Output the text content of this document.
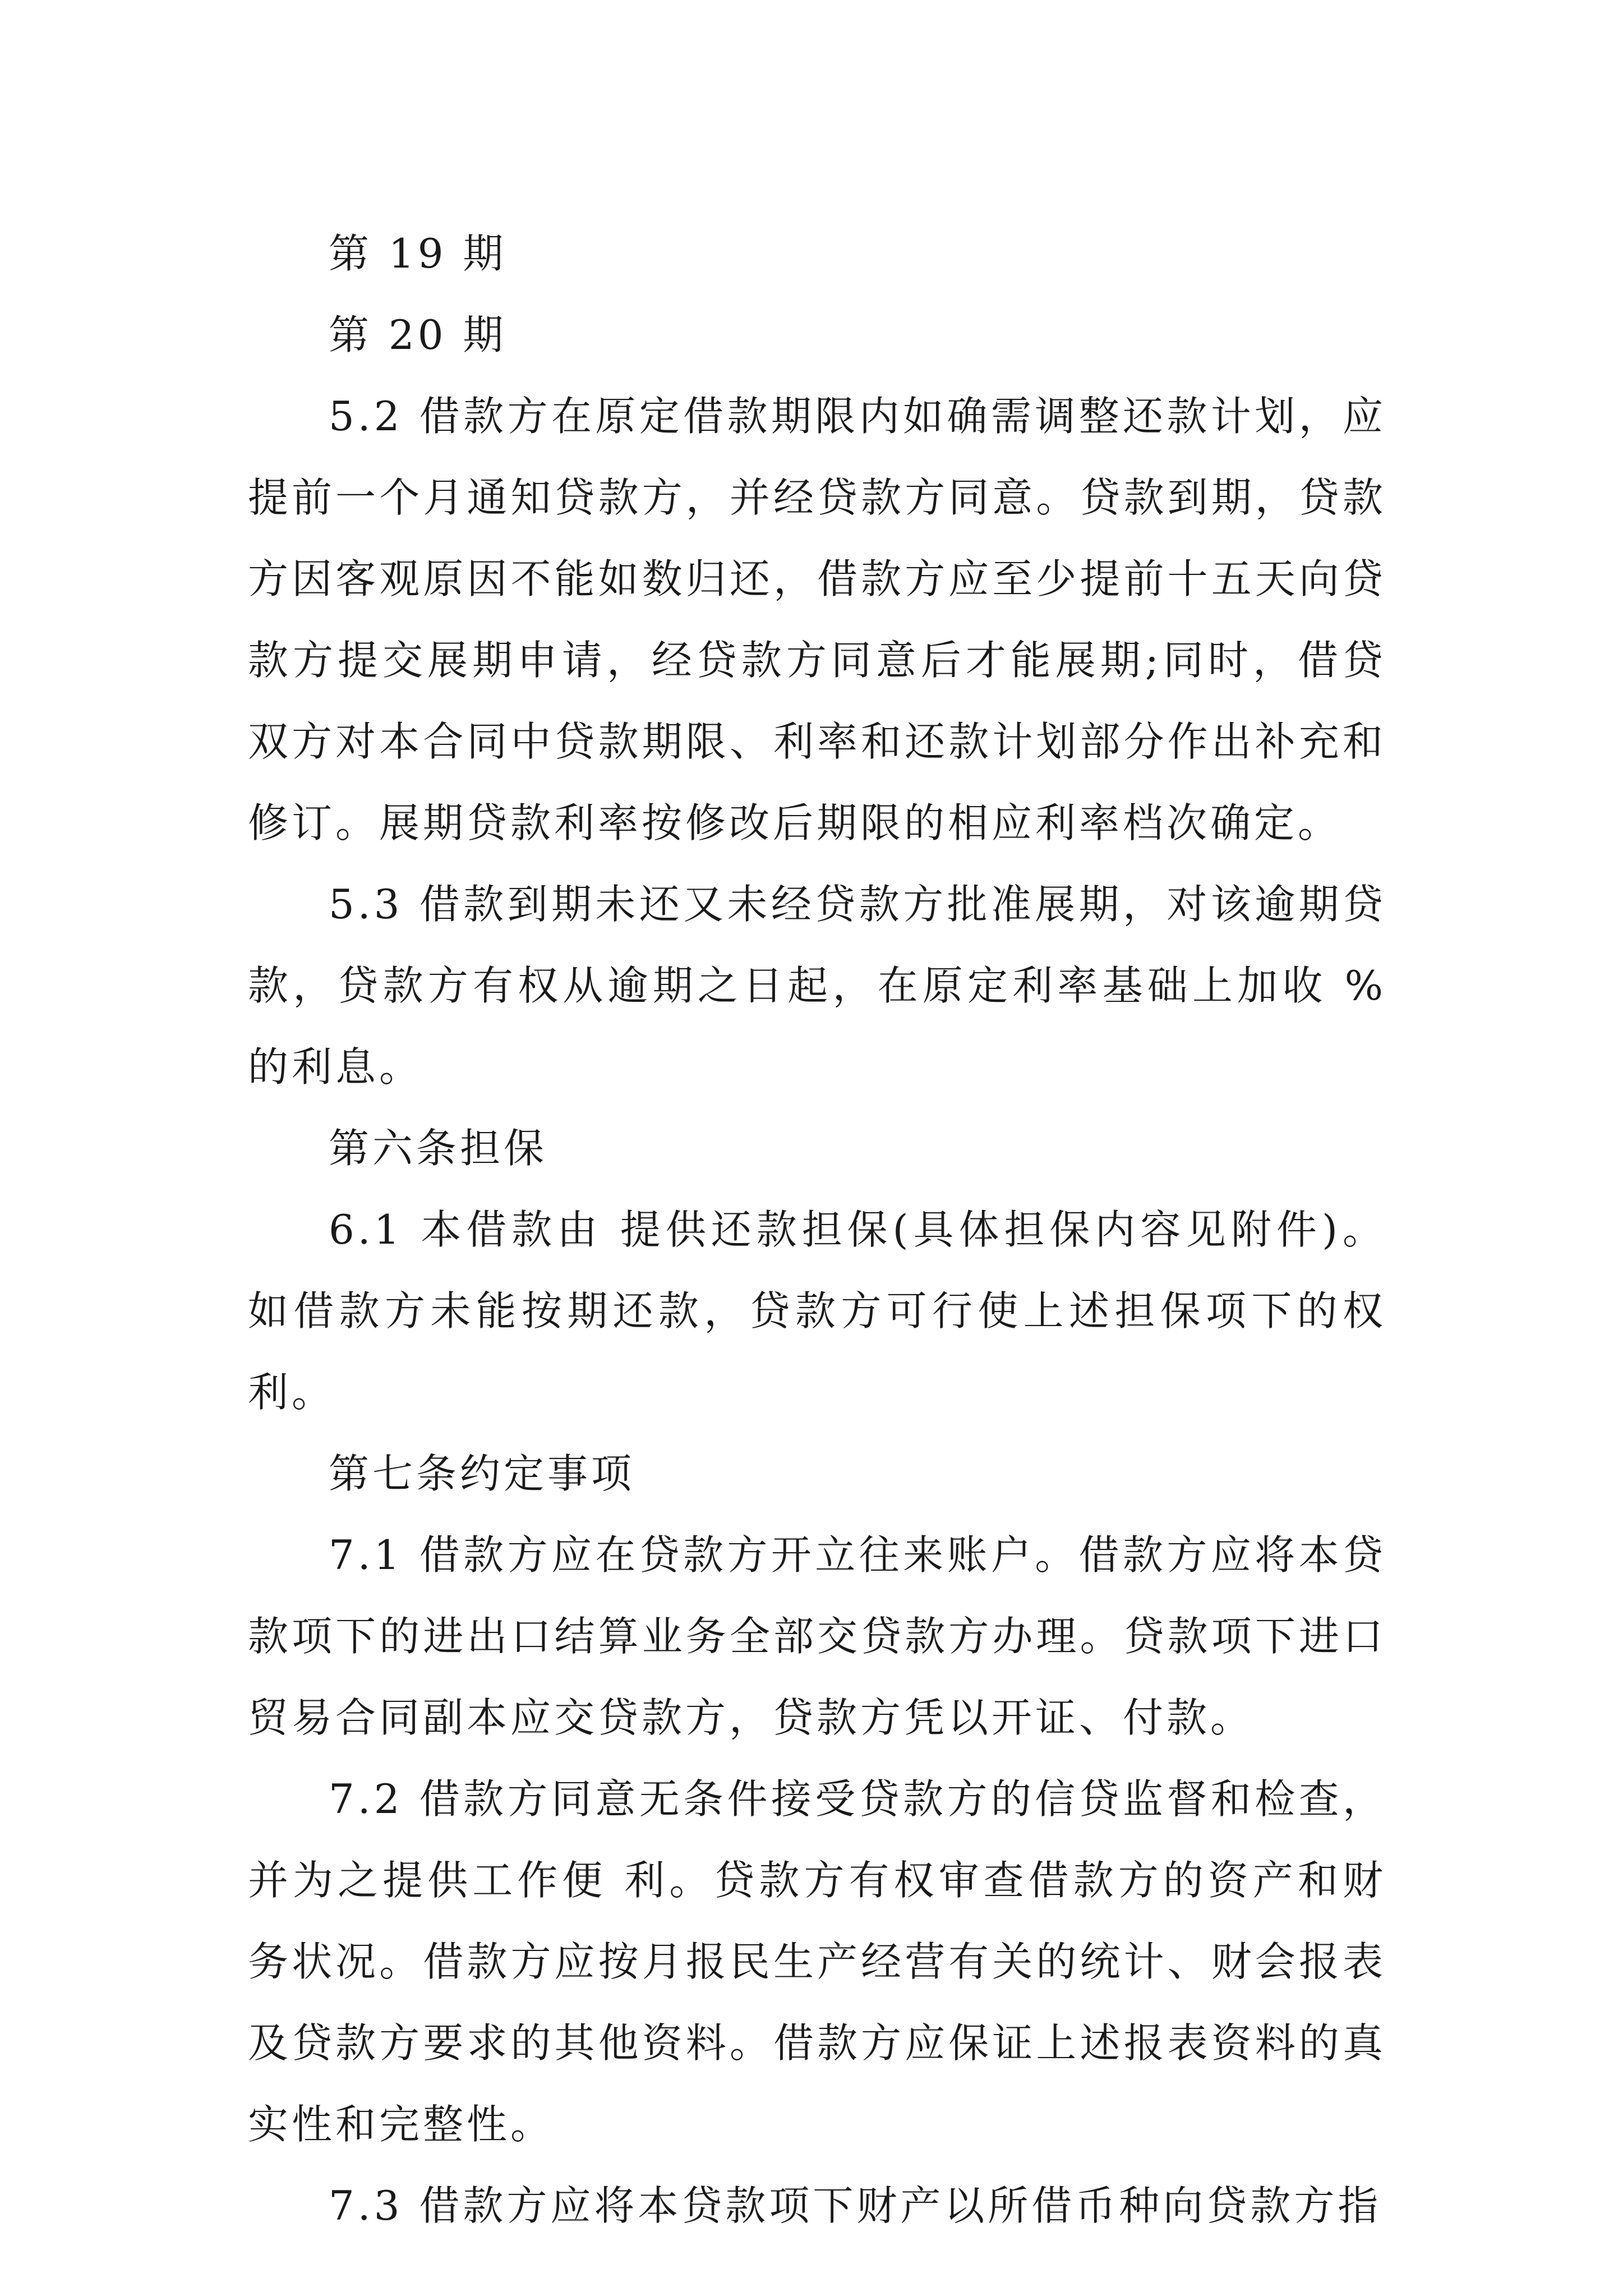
第 19 期

第 20 期

5.2 借款方在原定借款期限内如确需调整还款计划，应提前一个月通知贷款方，并经贷款方同意。贷款到期，贷款方因客观原因不能如数归还，借款方应至少提前十五天向贷款方提交展期申请，经贷款方同意后才能展期;同时，借贷双方对本合同中贷款期限、利率和还款计划部分作出补充和修订。展期贷款利率按修改后期限的相应利率档次确定。

5.3 借款到期未还又未经贷款方批准展期，对该逾期贷款，贷款方有权从逾期之日起，在原定利率基础上加收 %的利息。

第六条担保

6.1 本借款由 提供还款担保(具体担保内容见附件)。如借款方未能按期还款，贷款方可行使上述担保项下的权利。

第七条约定事项

7.1 借款方应在贷款方开立往来账户。借款方应将本贷款项下的进出口结算业务全部交贷款方办理。贷款项下进口贸易合同副本应交贷款方，贷款方凭以开证、付款。

7.2 借款方同意无条件接受贷款方的信贷监督和检查，并为之提供工作便 利。贷款方有权审查借款方的资产和财务状况。借款方应按月报民生产经营有关的统计、财会报表及贷款方要求的其他资料。借款方应保证上述报表资料的真实性和完整性。

7.3 借款方应将本贷款项下财产以所借币种向贷款方指
